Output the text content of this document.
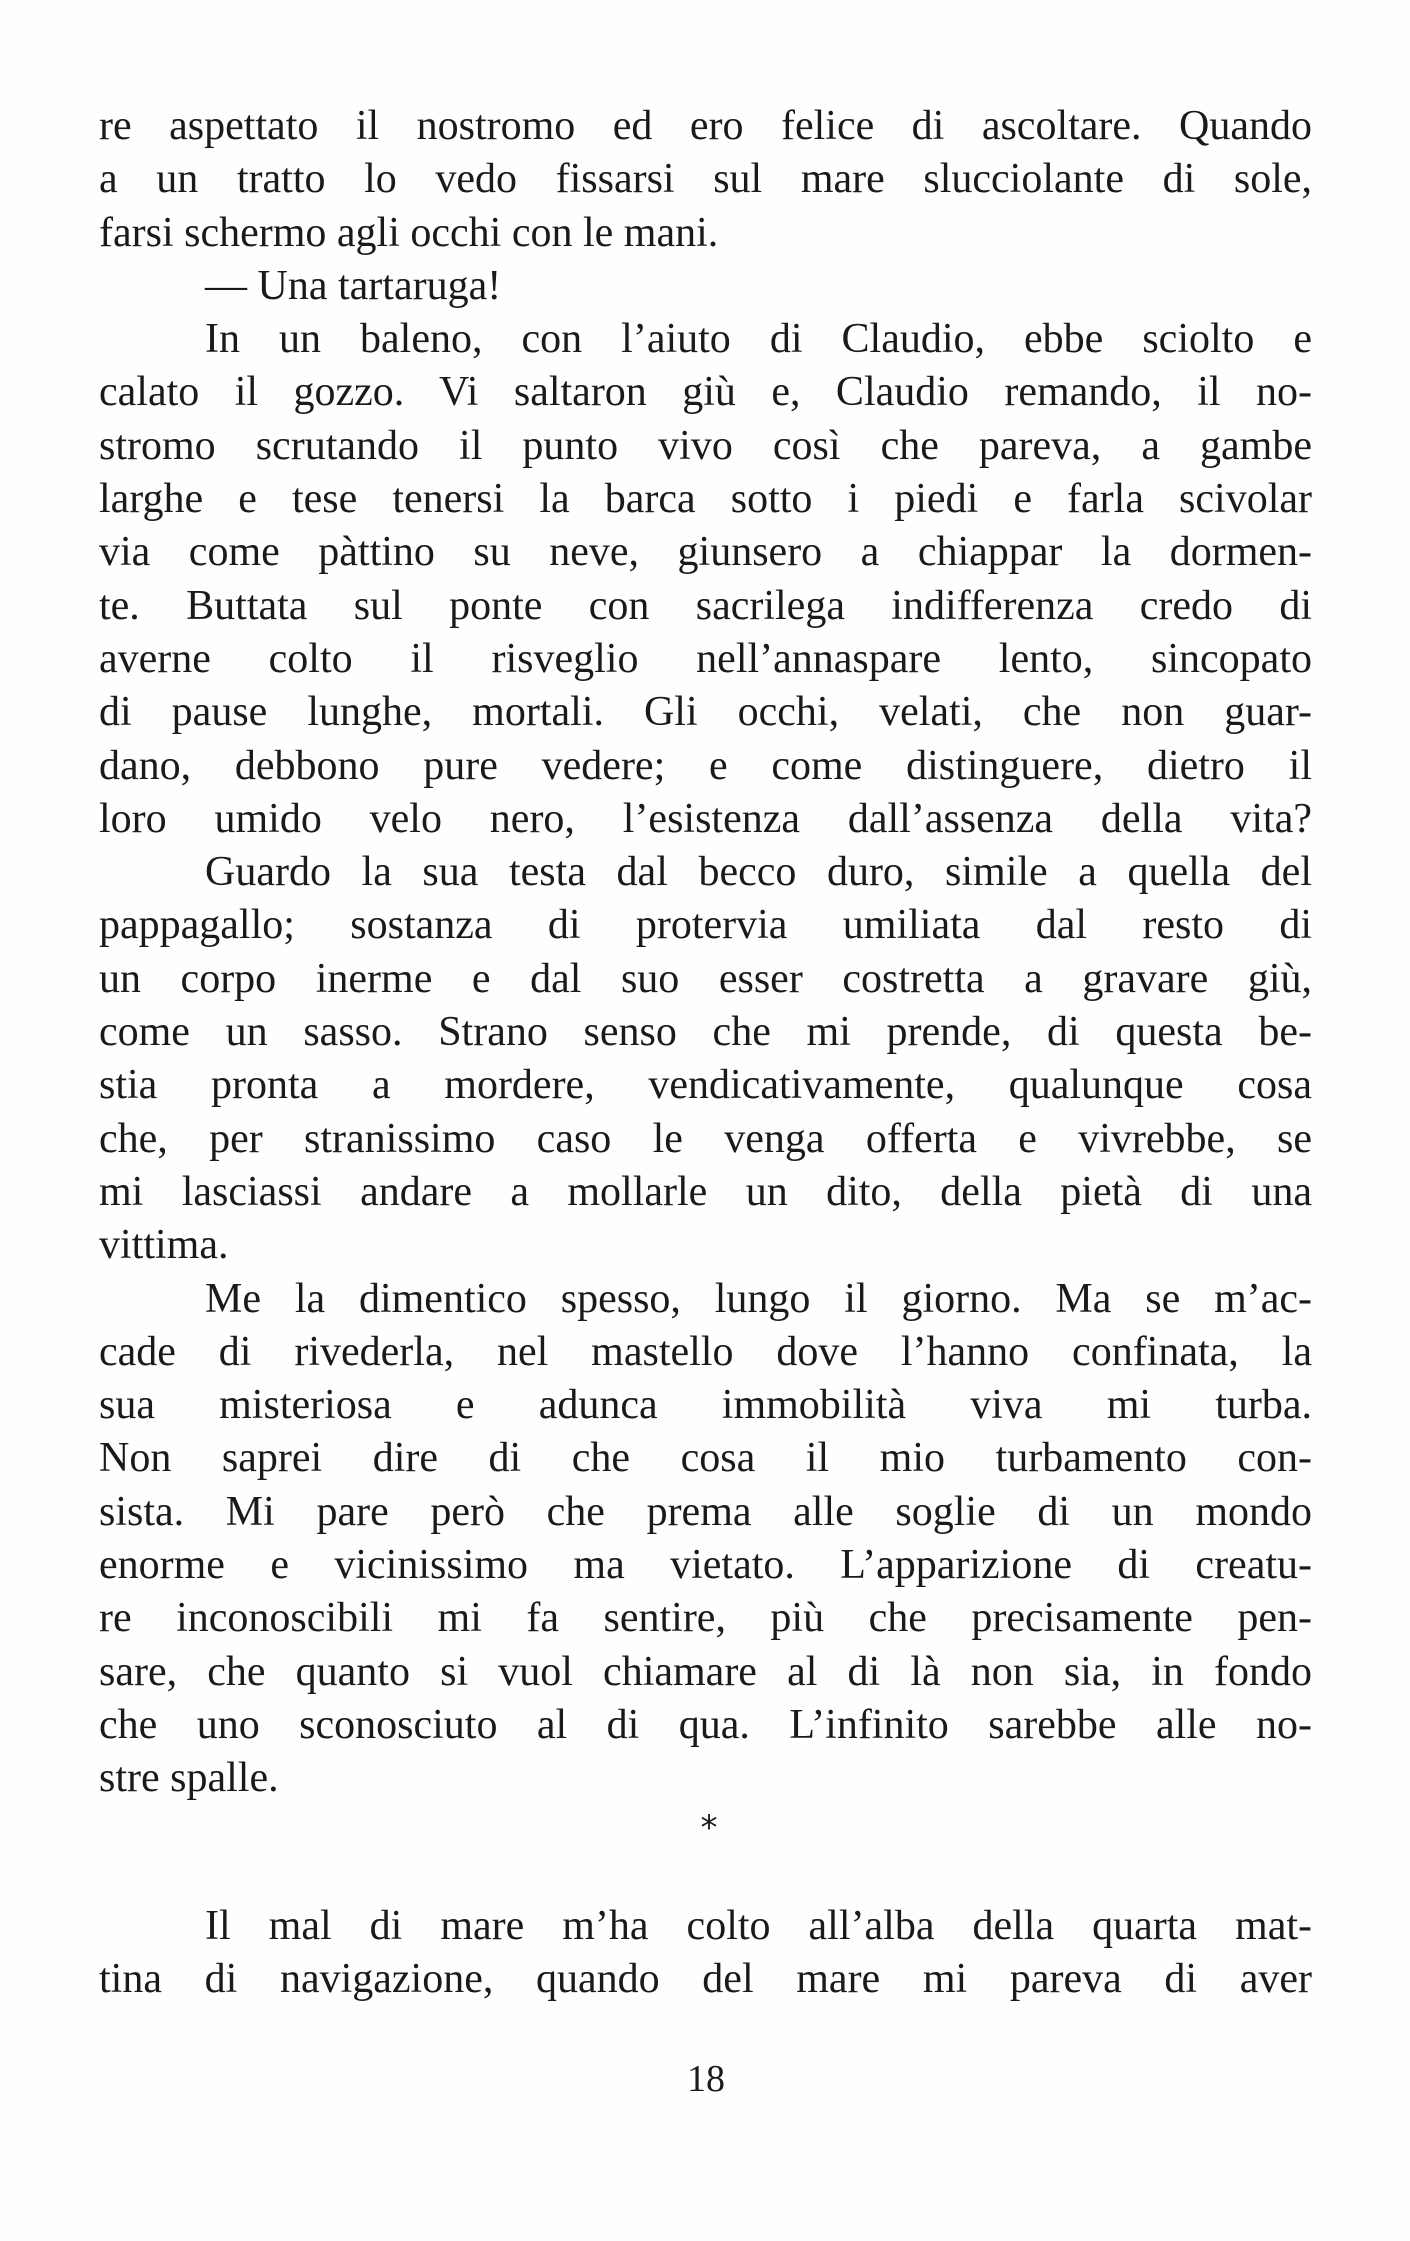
re aspettato il nostromo ed ero felice di ascoltare. Quando
a un tratto lo vedo fissarsi sul mare slucciolante di sole,
farsi schermo agli occhi con le mani.
— Una tartaruga!
In un baleno, con l’aiuto di Claudio, ebbe sciolto e
calato il gozzo. Vi saltaron giù e, Claudio remando, il no-
stromo scrutando il punto vivo così che pareva, a gambe
larghe e tese tenersi la barca sotto i piedi e farla scivolar
via come pàttino su neve, giunsero a chiappar la dormen-
te. Buttata sul ponte con sacrilega indifferenza credo di
averne colto il risveglio nell’annaspare lento, sincopato
di pause lunghe, mortali. Gli occhi, velati, che non guar-
dano, debbono pure vedere; e come distinguere, dietro il
loro umido velo nero, l’esistenza dall’assenza della vita?
Guardo la sua testa dal becco duro, simile a quella del
pappagallo; sostanza di protervia umiliata dal resto di
un corpo inerme e dal suo esser costretta a gravare giù,
come un sasso. Strano senso che mi prende, di questa be-
stia pronta a mordere, vendicativamente, qualunque cosa
che, per stranissimo caso le venga offerta e vivrebbe, se
mi lasciassi andare a mollarle un dito, della pietà di una
vittima.
Me la dimentico spesso, lungo il giorno. Ma se m’ac-
cade di rivederla, nel mastello dove l’hanno confinata, la
sua misteriosa e adunca immobilità viva mi turba.
Non saprei dire di che cosa il mio turbamento con-
sista. Mi pare però che prema alle soglie di un mondo
enorme e vicinissimo ma vietato. L’apparizione di creatu-
re inconoscibili mi fa sentire, più che precisamente pen-
sare, che quanto si vuol chiamare al di là non sia, in fondo
che uno sconosciuto al di qua. L’infinito sarebbe alle no-
stre spalle.
*
Il mal di mare m’ha colto all’alba della quarta mat-
tina di navigazione, quando del mare mi pareva di aver
18
